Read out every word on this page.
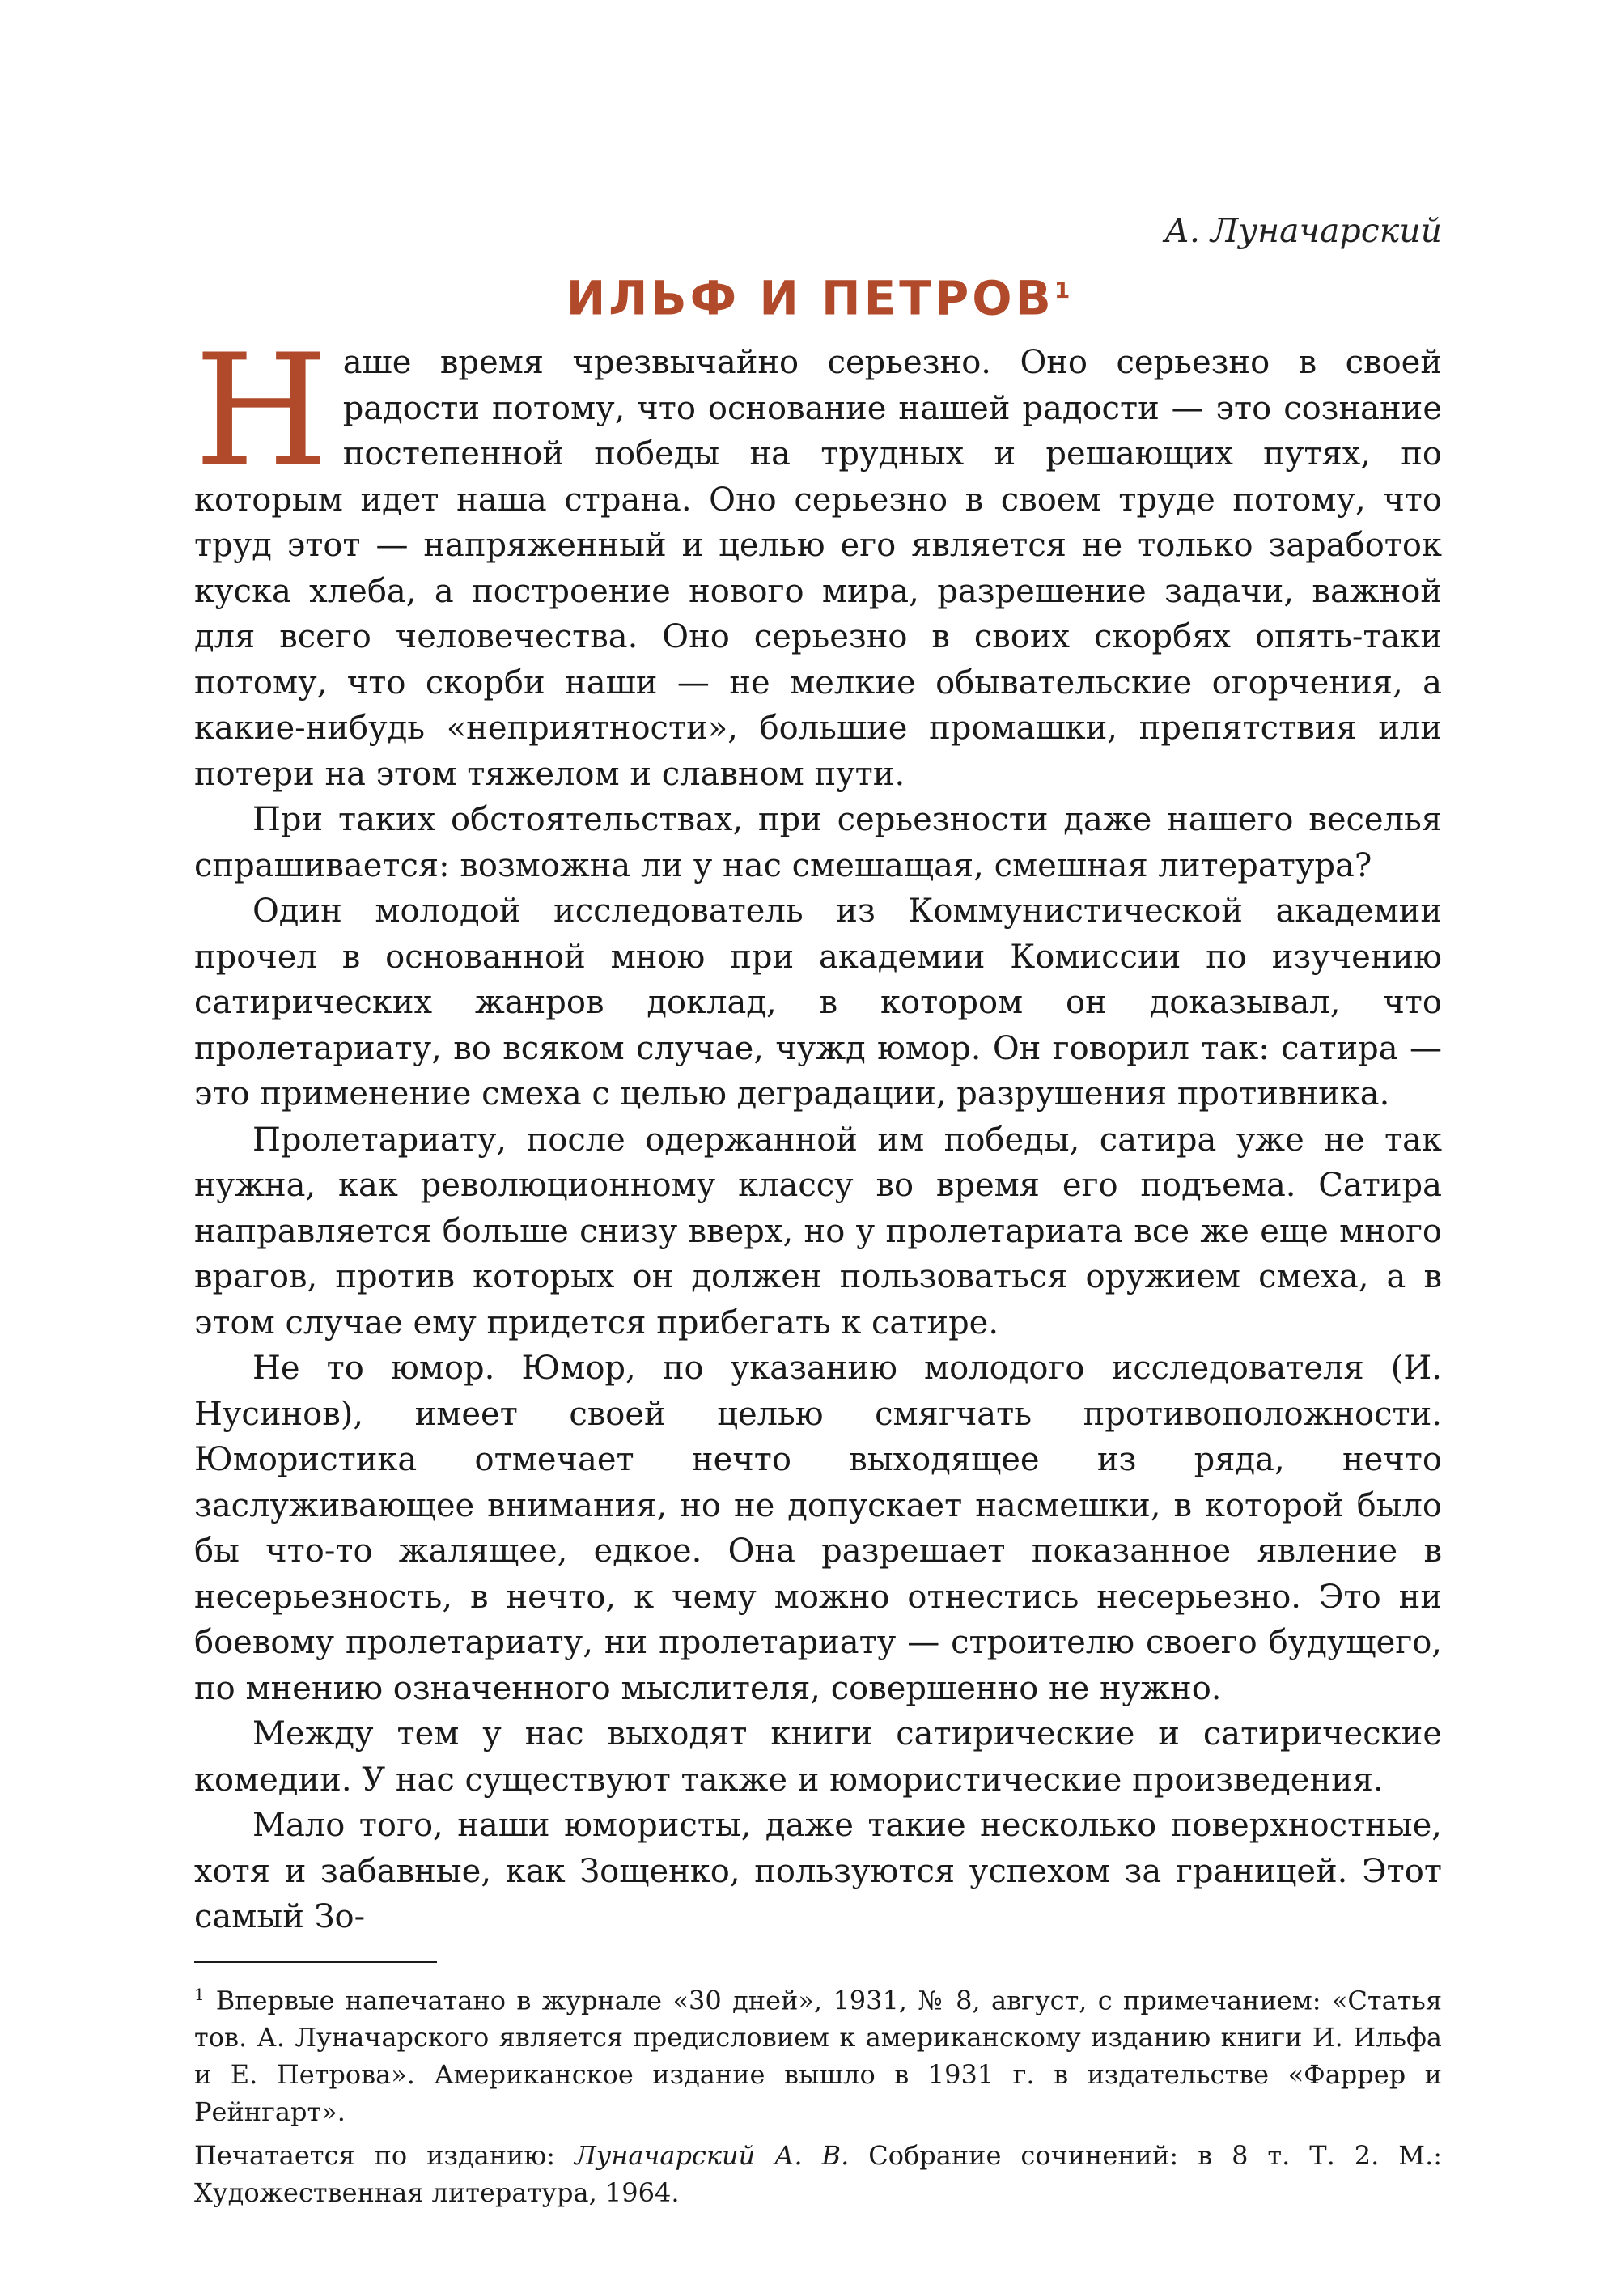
А. Луначарский
ИЛЬФ И ПЕТРОВ$^1$

Наше время чрезвычайно серьезно. Оно серьезно в своей радости потому, что основание нашей радости — это сознание постепенной победы на трудных и решающих путях, по которым идет наша страна. Оно серьезно в своем труде потому, что труд этот — напряженный и целью его является не только заработок куска хлеба, а построение нового мира, разрешение задачи, важной для всего человечества. Оно серьезно в своих скорбях опять-таки потому, что скорби наши — не мелкие обывательские огорчения, а какие-нибудь «неприятности», большие промашки, препятствия или потери на этом тяжелом и славном пути.

При таких обстоятельствах, при серьезности даже нашего веселья спрашивается: возможна ли у нас смешащая, смешная литература?

Один молодой исследователь из Коммунистической академии прочел в основанной мною при академии Комиссии по изучению сатирических жанров доклад, в котором он доказывал, что пролетариату, во всяком случае, чужд юмор. Он говорил так: сатира — это применение смеха с целью деградации, разрушения противника.

Пролетариату, после одержанной им победы, сатира уже не так нужна, как революционному классу во время его подъема. Сатира направляется больше снизу вверх, но у пролетариата все же еще много врагов, против которых он должен пользоваться оружием смеха, а в этом случае ему придется прибегать к сатире.

Не то юмор. Юмор, по указанию молодого исследователя (И. Нусинов), имеет своей целью смягчать противоположности. Юмористика отмечает нечто выходящее из ряда, нечто заслуживающее внимания, но не допускает насмешки, в которой было бы что-то жалящее, едкое. Она разрешает показанное явление в несерьезность, в нечто, к чему можно отнестись несерьезно. Это ни боевому пролетариату, ни пролетариату — строителю своего будущего, по мнению означенного мыслителя, совершенно не нужно.

Между тем у нас выходят книги сатирические и сатирические комедии. У нас существуют также и юмористические произведения.

Мало того, наши юмористы, даже такие несколько поверхностные, хотя и забавные, как Зощенко, пользуются успехом за границей. Этот самый Зо-

$^1$ Впервые напечатано в журнале «30 дней», 1931, № 8, август, с примечанием: «Статья тов. А. Луначарского является предисловием к американскому изданию книги И. Ильфа и Е. Петрова». Американское издание вышло в 1931 г. в издательстве «Фаррер и Рейнгарт».

Печатается по изданию: Луначарский А. В. Собрание сочинений: в 8 т. Т. 2. М.: Художественная литература, 1964.
